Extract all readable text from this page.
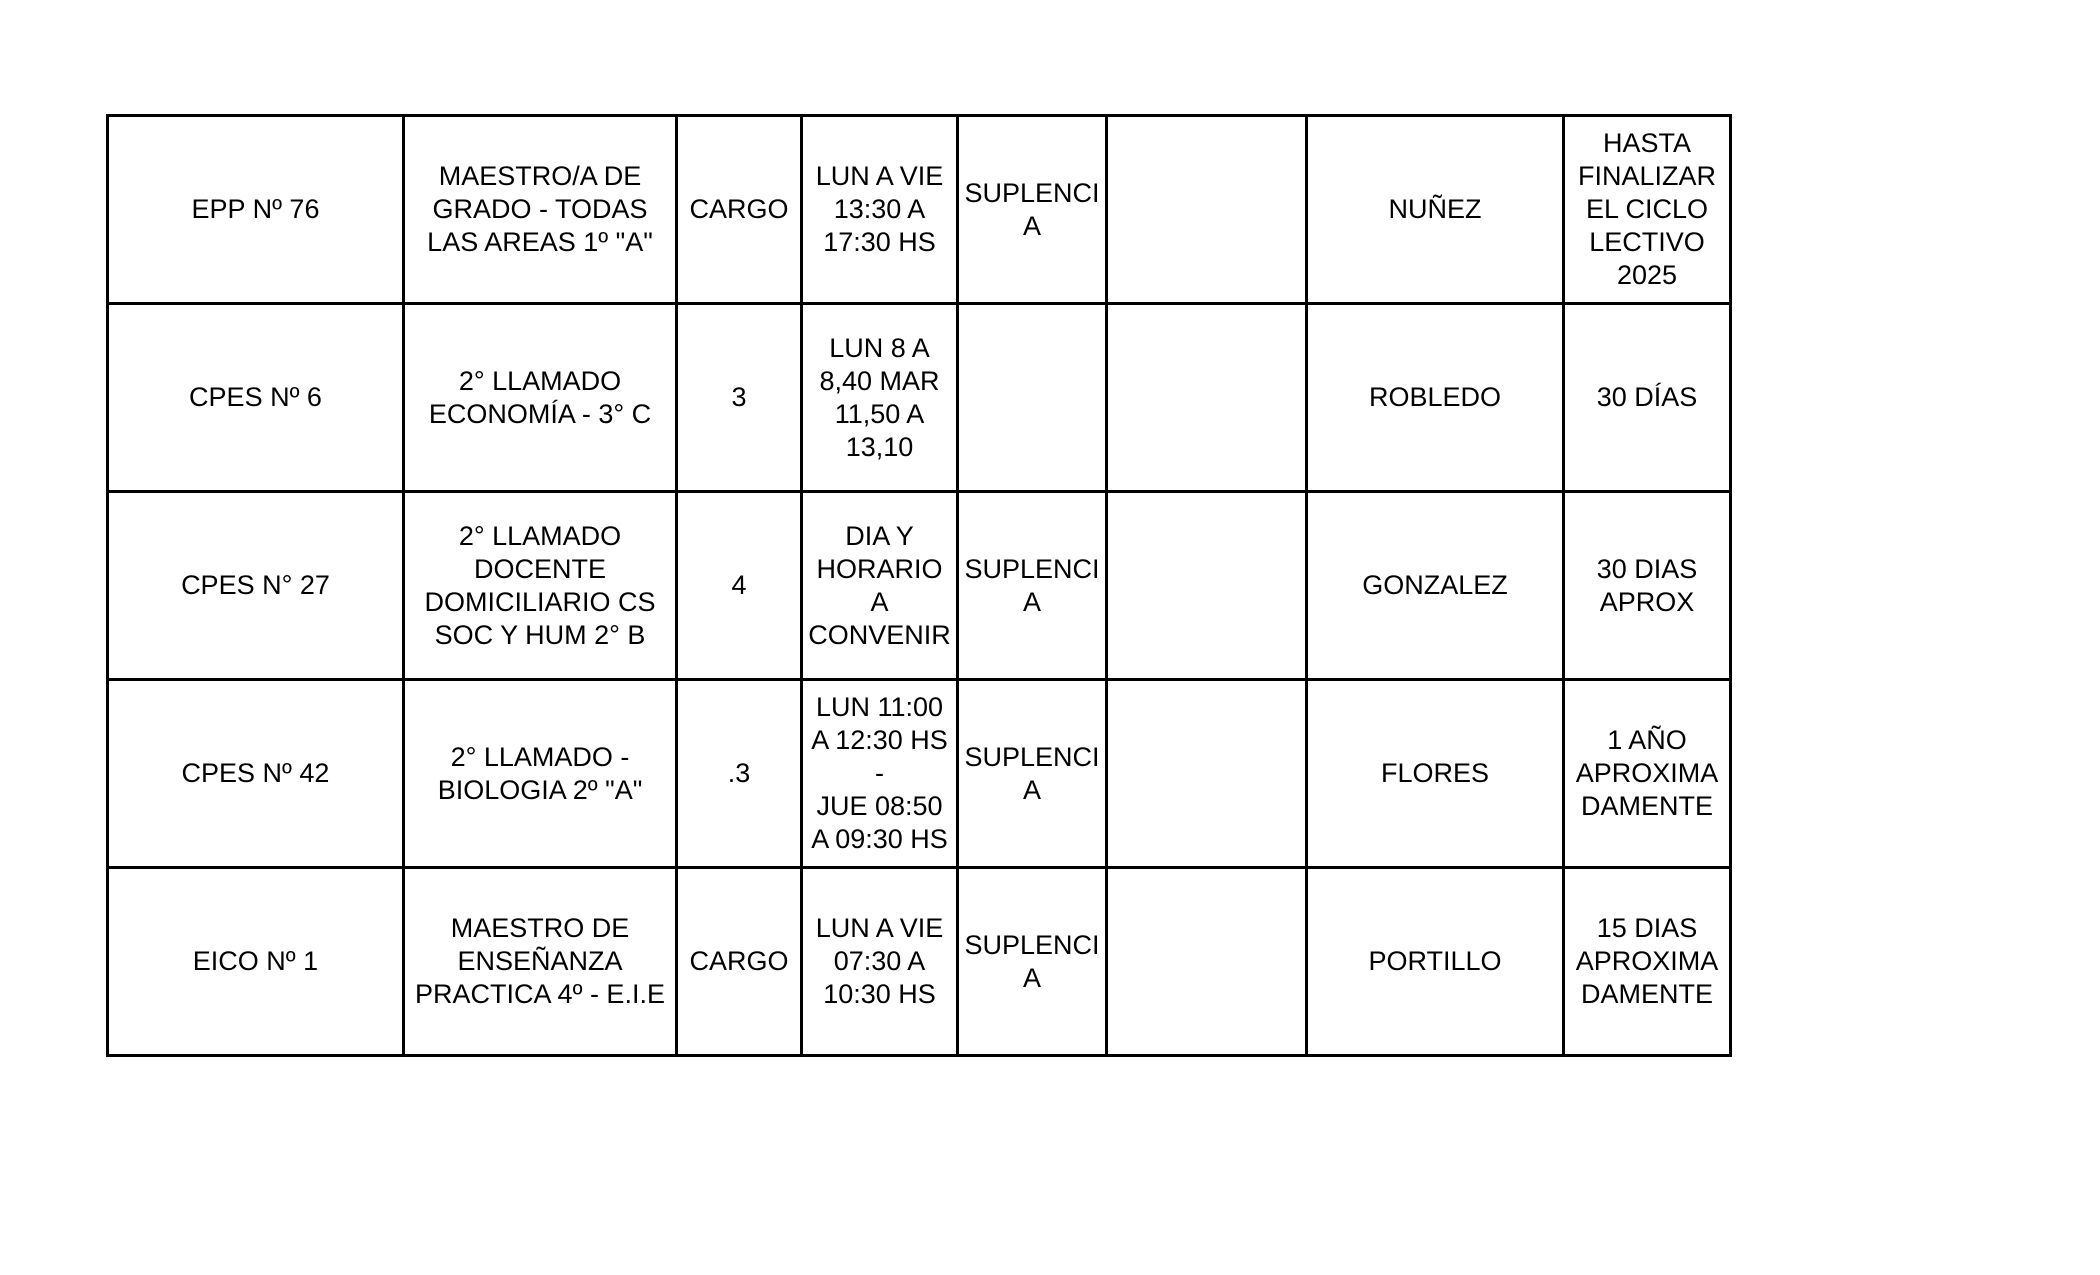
EPP Nº 76	MAESTRO/A DE
GRADO - TODAS
LAS AREAS 1º "A"	CARGO	LUN A VIE
13:30 A
17:30 HS	SUPLENCI
A		NUÑEZ	HASTA
FINALIZAR
EL CICLO
LECTIVO
2025

CPES Nº 6	2° LLAMADO
ECONOMÍA - 3° C	3	LUN 8 A
8,40 MAR
11,50 A
13,10			ROBLEDO	30 DÍAS

CPES N° 27	2° LLAMADO
DOCENTE
DOMICILIARIO CS
SOC Y HUM 2° B	4	DIA Y
HORARIO
A
CONVENIR	SUPLENCI
A		GONZALEZ	30 DIAS
APROX

CPES Nº 42	2° LLAMADO -
BIOLOGIA 2º "A"	.3	LUN 11:00
A 12:30 HS -
JUE 08:50
A 09:30 HS	SUPLENCI
A		FLORES	1 AÑO
APROXIMA
DAMENTE

EICO Nº 1	MAESTRO DE
ENSEÑANZA
PRACTICA 4º - E.I.E	CARGO	LUN A VIE
07:30 A
10:30 HS	SUPLENCI
A		PORTILLO	15 DIAS
APROXIMA
DAMENTE
